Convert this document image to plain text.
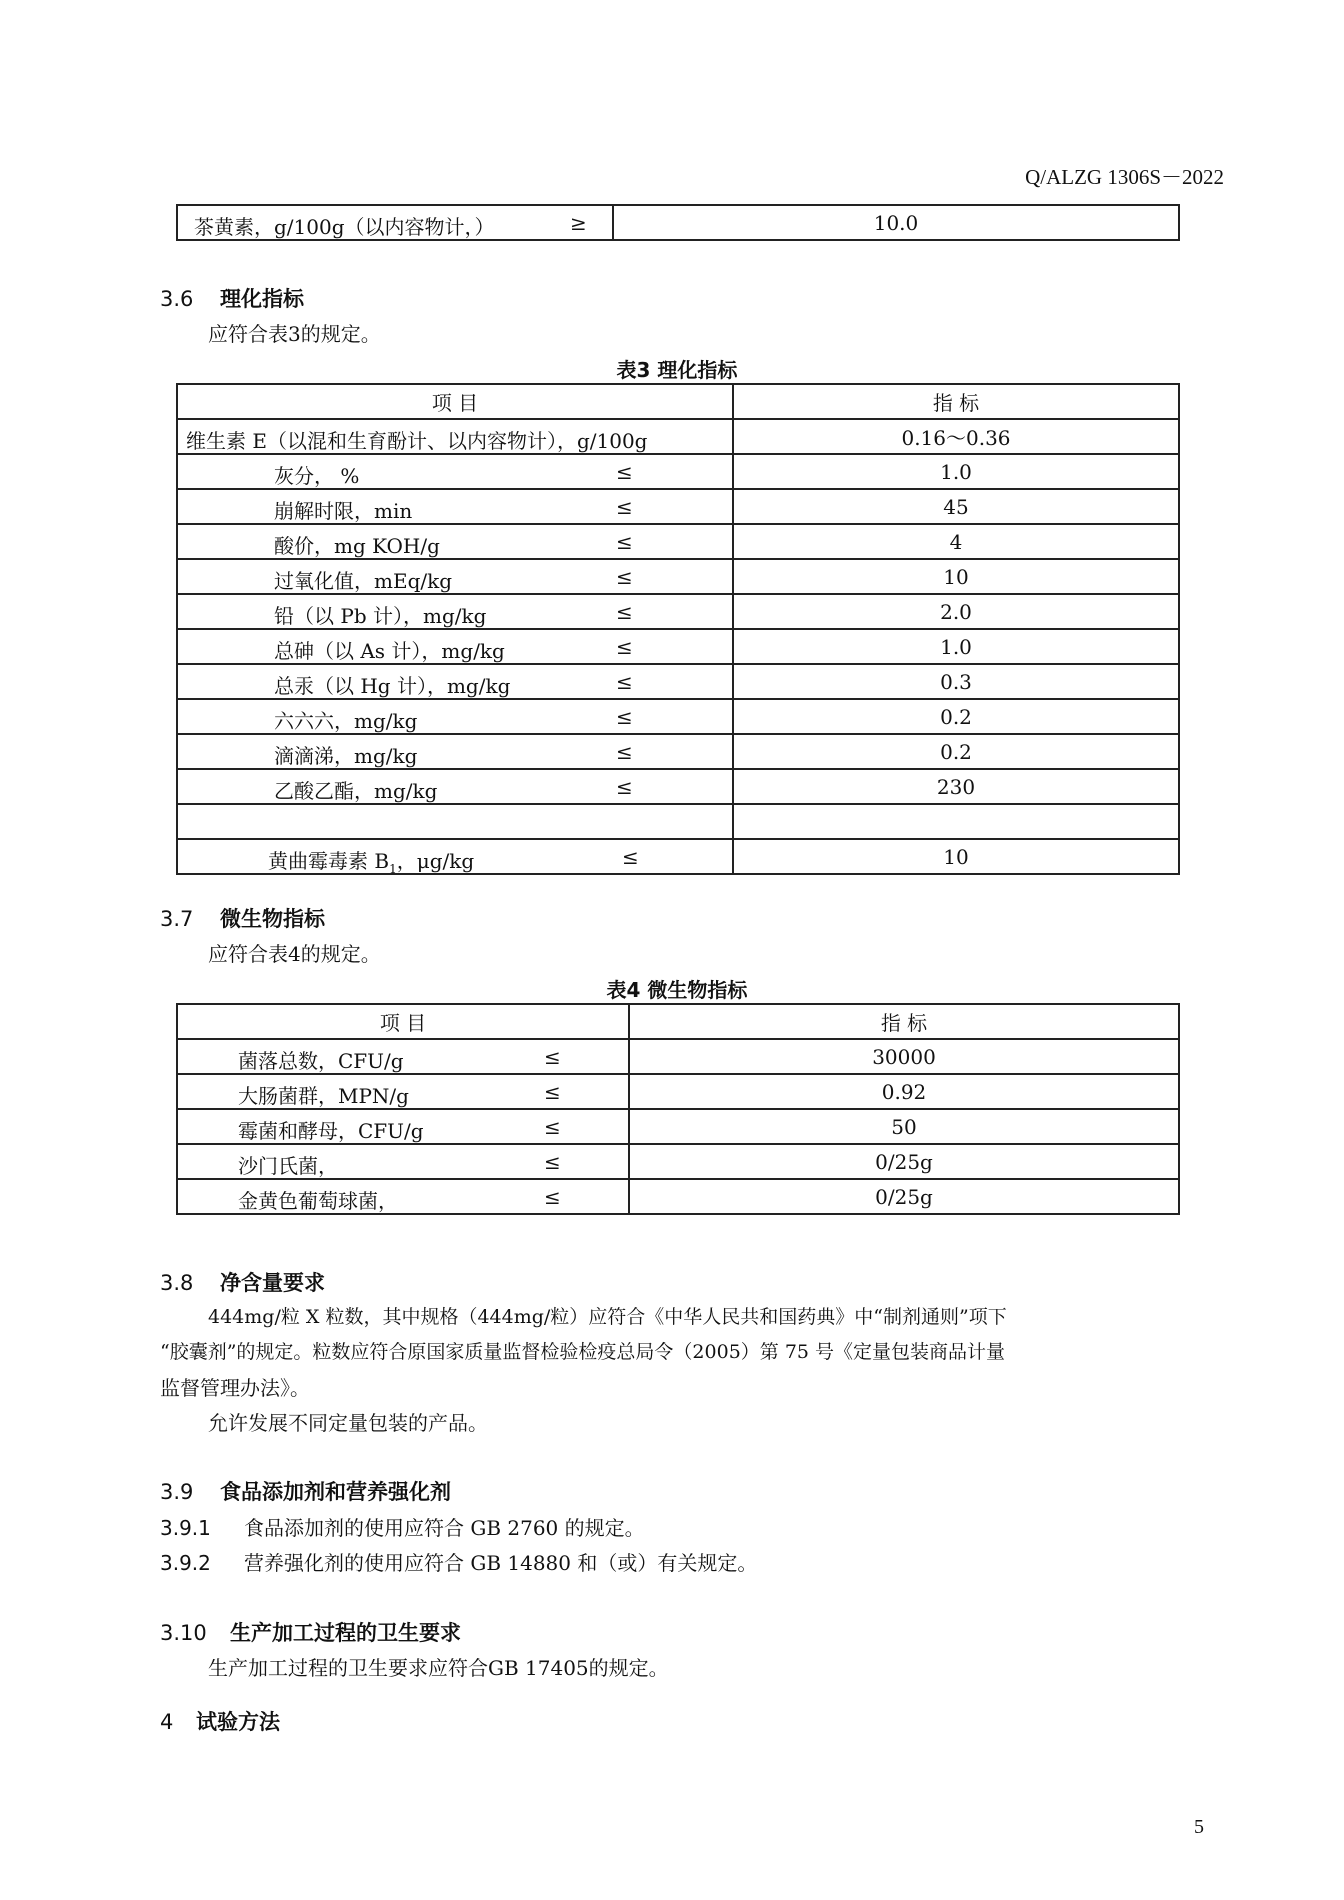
Q/ALZG 1306S－2022
茶黄素，g/100g（以内容物计，）	≥	10.0
3.6 理化指标
应符合表3的规定。
表3 理化指标
项 目	指 标

维生素 E（以混和生育酚计、以内容物计），g/100g	0.16～0.36

灰分， % ≤	1.0

崩解时限，min ≤	45

酸价，mg KOH/g ≤	4

过氧化值，mEq/kg ≤	10

铅（以 Pb 计），mg/kg ≤	2.0

总砷（以 As 计），mg/kg ≤	1.0

总汞（以 Hg 计），mg/kg ≤	0.3

六六六，mg/kg ≤	0.2

滴滴涕，mg/kg ≤	0.2

乙酸乙酯，mg/kg ≤	230

黄曲霉毒素 $B_1$，μg/kg ≤	10
3.7 微生物指标
应符合表4的规定。
表4 微生物指标
项 目	指 标

菌落总数，CFU/g ≤	30000

大肠菌群，MPN/g ≤	0.92

霉菌和酵母，CFU/g ≤	50

沙门氏菌， ≤	0/25g

金黄色葡萄球菌， ≤	0/25g
3.8 净含量要求
444mg/粒 X 粒数，其中规格（444mg/粒）应符合《中华人民共和国药典》中“制剂通则”项下
“胶囊剂”的规定。粒数应符合原国家质量监督检验检疫总局令（2005）第 75 号《定量包装商品计量
监督管理办法》。
允许发展不同定量包装的产品。
3.9 食品添加剂和营养强化剂
3.9.1 食品添加剂的使用应符合 GB 2760 的规定。
3.9.2 营养强化剂的使用应符合 GB 14880 和（或）有关规定。
3.10 生产加工过程的卫生要求
生产加工过程的卫生要求应符合GB 17405的规定。
4 试验方法
5
